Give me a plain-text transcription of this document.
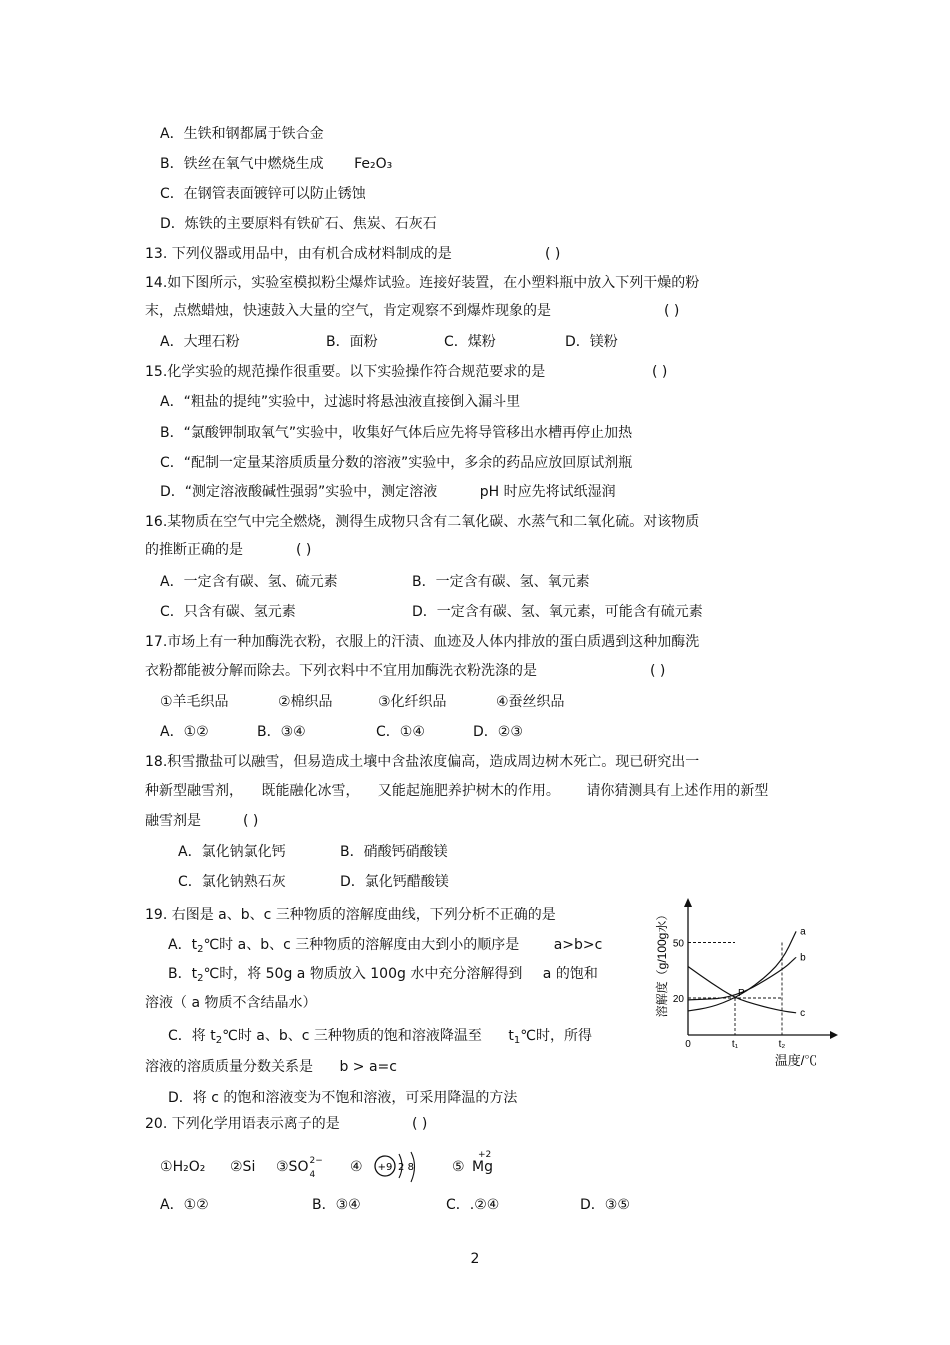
A．生铁和钢都属于铁合金
B．铁丝在氧气中燃烧生成 Fe₂O₃
C．在钢管表面镀锌可以防止锈蚀
D．炼铁的主要原料有铁矿石、焦炭、石灰石
13. 下列仪器或用品中，由有机合成材料制成的是	( )
14.如下图所示，实验室模拟粉尘爆炸试验。连接好装置，在小塑料瓶中放入下列干燥的粉
末，点燃蜡烛，快速鼓入大量的空气，肯定观察不到爆炸现象的是	( )
A．大理石粉	B．面粉	C．煤粉	D．镁粉
15.化学实验的规范操作很重要。以下实验操作符合规范要求的是	( )
A．“粗盐的提纯”实验中，过滤时将悬浊液直接倒入漏斗里
B．“氯酸钾制取氧气”实验中，收集好气体后应先将导管移出水槽再停止加热
C．“配制一定量某溶质质量分数的溶液”实验中，多余的药品应放回原试剂瓶
D．“测定溶液酸碱性强弱”实验中，测定溶液	pH 时应先将试纸湿润
16.某物质在空气中完全燃烧，测得生成物只含有二氧化碳、水蒸气和二氧化硫。对该物质
的推断正确的是	( )
A．一定含有碳、氢、硫元素	B．一定含有碳、氢、氧元素
C．只含有碳、氢元素	D．一定含有碳、氢、氧元素，可能含有硫元素
17.市场上有一种加酶洗衣粉，衣服上的汗渍、血迹及人体内排放的蛋白质遇到这种加酶洗
衣粉都能被分解而除去。下列衣料中不宜用加酶洗衣粉洗涤的是	( )
①羊毛织品	②棉织品	③化纤织品	④蚕丝织品
A．①②	B．③④	C．①④	D．②③
18.积雪撒盐可以融雪，但易造成土壤中含盐浓度偏高，造成周边树木死亡。现已研究出一
种新型融雪剂， 既能融化冰雪， 又能起施肥养护树木的作用。 请你猜测具有上述作用的新型
融雪剂是	( )
A．氯化钠氯化钙	B．硝酸钙硝酸镁
C．氯化钠熟石灰	D．氯化钙醋酸镁
19. 右图是 a、b、c 三种物质的溶解度曲线，下列分析不正确的是
A．t2℃时 a、b、c 三种物质的溶解度由大到小的顺序是 a>b>c
B．t2℃时，将 50g a 物质放入 100g 水中充分溶解得到 a 的饱和
溶液（ a 物质不含结晶水）
C．将 t2℃时 a、b、c 三种物质的饱和溶液降温至 t1℃时，所得
溶液的溶质质量分数关系是 b > a=c
D．将 c 的饱和溶液变为不饱和溶液，可采用降温的方法
溶解度（g/100g水）
温度/℃
0
20
50
t₁	t₂
a
b
c
P
20. 下列化学用语表示离子的是	( )
①H₂O₂ ②Si ③SO 2−
4 ④ +9 2 8	⑤
+2
Mg
A．①②	B．③④	C．.②④	D．③⑤
2
